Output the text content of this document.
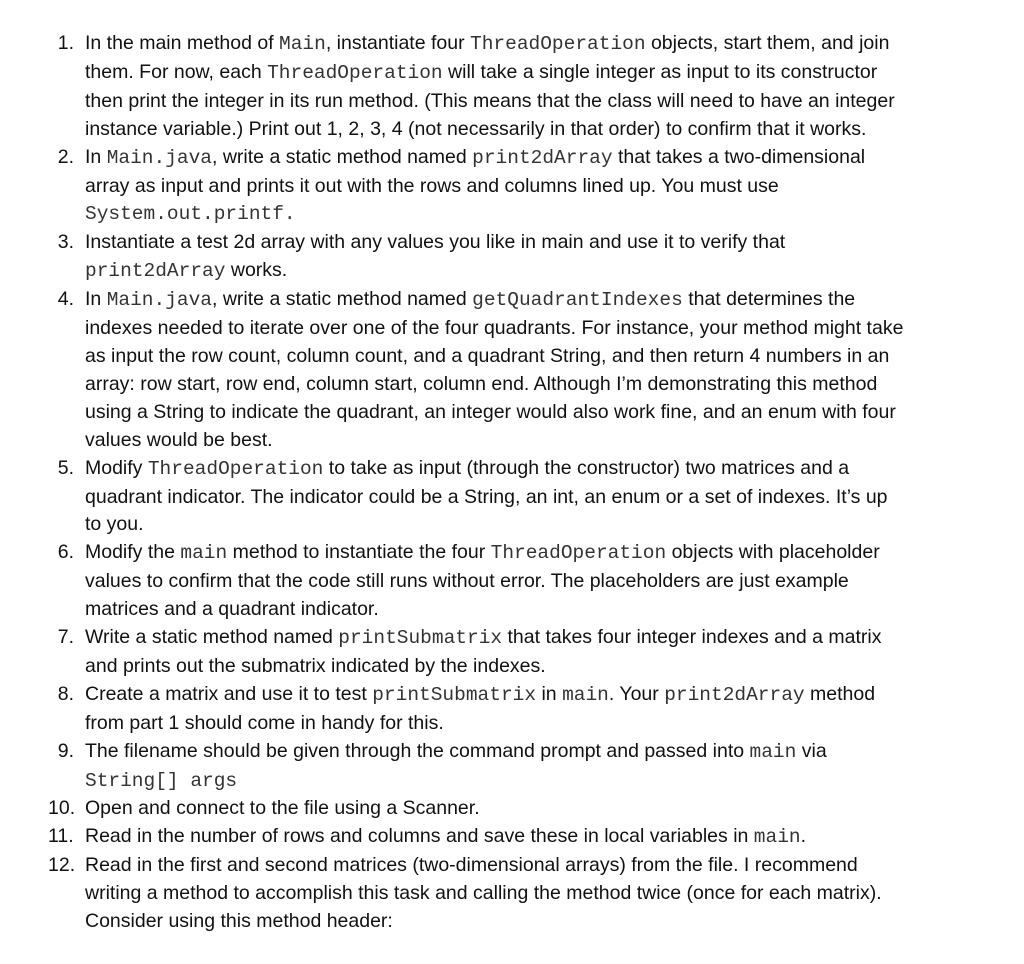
1. In the main method of Main, instantiate four ThreadOperation objects, start them, and join them. For now, each ThreadOperation will take a single integer as input to its constructor then print the integer in its run method. (This means that the class will need to have an integer instance variable.) Print out 1, 2, 3, 4 (not necessarily in that order) to confirm that it works.
2. In Main.java, write a static method named print2dArray that takes a two-dimensional array as input and prints it out with the rows and columns lined up. You must use System.out.printf.
3. Instantiate a test 2d array with any values you like in main and use it to verify that print2dArray works.
4. In Main.java, write a static method named getQuadrantIndexes that determines the indexes needed to iterate over one of the four quadrants. For instance, your method might take as input the row count, column count, and a quadrant String, and then return 4 numbers in an array: row start, row end, column start, column end. Although I’m demonstrating this method using a String to indicate the quadrant, an integer would also work fine, and an enum with four values would be best.
5. Modify ThreadOperation to take as input (through the constructor) two matrices and a quadrant indicator. The indicator could be a String, an int, an enum or a set of indexes. It’s up to you.
6. Modify the main method to instantiate the four ThreadOperation objects with placeholder values to confirm that the code still runs without error. The placeholders are just example matrices and a quadrant indicator.
7. Write a static method named printSubmatrix that takes four integer indexes and a matrix and prints out the submatrix indicated by the indexes.
8. Create a matrix and use it to test printSubmatrix in main. Your print2dArray method from part 1 should come in handy for this.
9. The filename should be given through the command prompt and passed into main via String[] args
10. Open and connect to the file using a Scanner.
11. Read in the number of rows and columns and save these in local variables in main.
12. Read in the first and second matrices (two-dimensional arrays) from the file. I recommend writing a method to accomplish this task and calling the method twice (once for each matrix). Consider using this method header:
